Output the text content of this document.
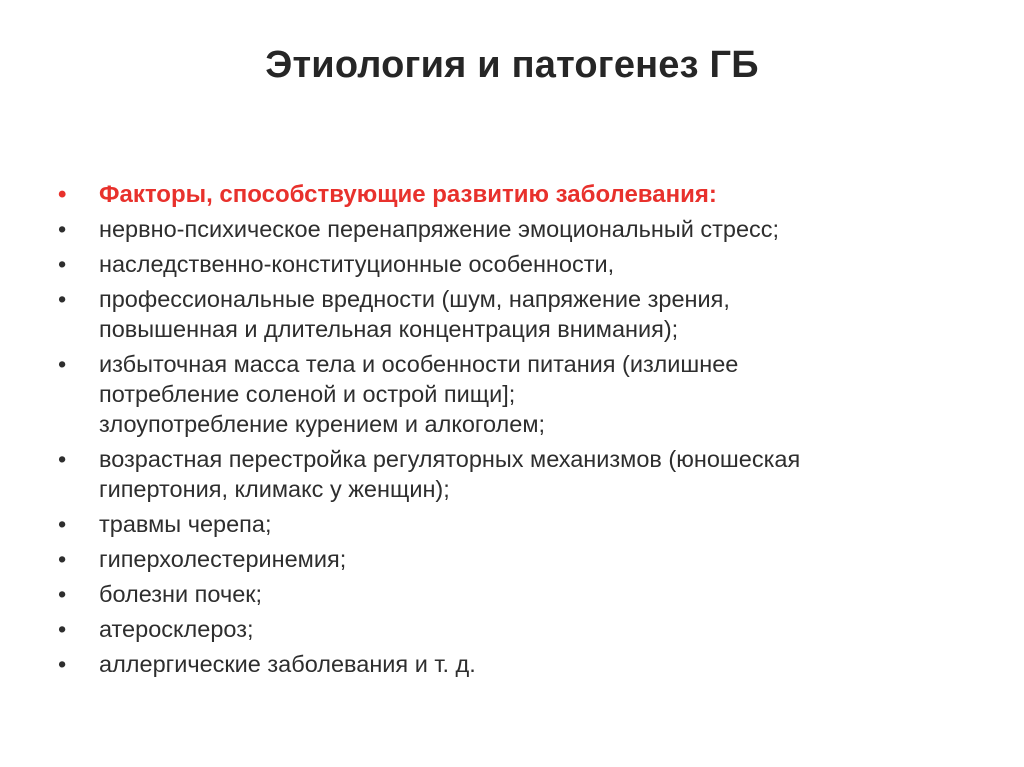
Этиология и патогенез ГБ
•	Факторы, способствующие развитию заболевания:
•	нервно-психическое перенапряжение эмоциональный стресс;
•	наследственно-конституционные особенности,
•	профессиональные вредности (шум, напряжение зрения,
повышенная и длительная концентрация внимания);
•	избыточная масса тела и особенности питания (излишнее
потребление соленой и острой пищи];
злоупотребление курением и алкоголем;
•	возрастная перестройка регуляторных механизмов (юношеская
гипертония, климакс у женщин);
•	травмы черепа;
•	гиперхолестеринемия;
•	болезни почек;
•	атеросклероз;
•	аллергические заболевания и т. д.
